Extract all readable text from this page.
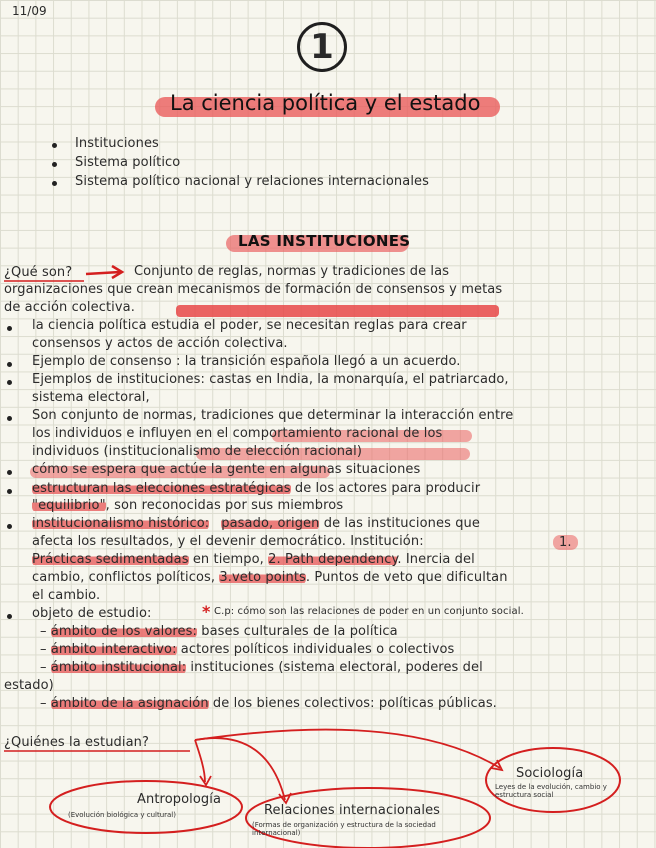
11/09
1
La ciencia política y el estado
Instituciones
Sistema político
Sistema político nacional y relaciones internacionales
LAS INSTITUCIONES
¿Qué son?	Conjunto de reglas, normas y tradiciones de las
organizaciones que crean mecanismos de formación de consensos y metas
de acción colectiva.
la ciencia política estudia el poder, se necesitan reglas para crear
consensos y actos de acción colectiva.
Ejemplo de consenso : la transición española llegó a un acuerdo.
Ejemplos de instituciones: castas en India, la monarquía, el patriarcado,
sistema electoral,
Son conjunto de normas, tradiciones que determinar la interacción entre
los individuos e influyen en el comportamiento racional de los
individuos (institucionalismo de elección racional)
cómo se espera que actúe la gente en algunas situaciones
estructuran las elecciones estratégicas de los actores para producir
"equilibrio", son reconocidas por sus miembros
institucionalismo histórico: pasado, origen de las instituciones que
afecta los resultados, y el devenir democrático. Institución:	1.
Prácticas sedimentadas en tiempo, 2. Path dependency. Inercia del
cambio, conflictos políticos, 3.veto points. Puntos de veto que dificultan
el cambio.
objeto de estudio:	* C.p: cómo son las relaciones de poder en un conjunto social.
– ámbito de los valores: bases culturales de la política
– ámbito interactivo: actores políticos individuales o colectivos
– ámbito institucional: instituciones (sistema electoral, poderes del
estado)
– ámbito de la asignación de los bienes colectivos: políticas públicas.
¿Quiénes la estudian?
Antropología
(Evolución biológica y cultural)	Relaciones internacionales
(Formas de organización y estructura de la sociedad internacional)
Sociología
Leyes de la evolución, cambio y estructura social
